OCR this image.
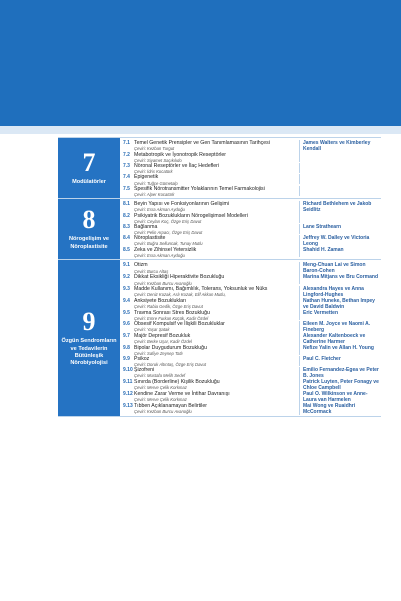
7
Modülatörler
7.1 Temel Genetik Prensipler ve Gen Tanımlamasının Tarihçesi
Çeviri: Kezban Turgut
James Walters ve Kimberley Kendall
7.2 Metabotropik ve İyonotropik Reseptörler
Çeviri: Siyamet Saçıkılıdo
7.3 Nöronal Reseptörler ve İlaç Hedefleri
Çeviri: İdris Kocatürk
7.4 Epigenetik
Çeviri: Tuğçe Gümetalp
7.5 Spesifik Nörotransmitter Yolaklarının Temel Farmakolojisi
Çeviri: Alper Kocatürk
8
Nörogelişim ve Nöroplastisite
8.1 Beyin Yapısı ve Fonksiyonlarının Gelişimi
Çeviri: Esra Akman Aydoğu
Richard Bethlehem ve Jakob Seidlitz
8.2 Psikiyatrik Bozuklukların Nörogelişimsel Modelleri
Çeviri: Ceylan Koç, Özge Eriş Davut
8.3 Bağlanma
Çeviri: Pelin Arpacı, Özge Eriş Davut
Lane Strathearn
8.4 Nöroplastisite
Çeviri: Buğra Selluncak, Tunay Mutlu
Jeffrey W. Dalley ve Victoria Leong
8.5 Zeka ve Zihinsel Yetersizlik
Çeviri: Esra Akman Aydoğu
Shahid H. Zaman
9
Özgün Sendromların ve Tedavilerin Bütünleşik Nörobiyolojisi
9.1 Otizm
Çeviri: Burcu Altaş
Meng-Chuan Lai ve Simon Baron-Cohen
9.2 Dikkat Eksikliği Hiperaktivite Bozukluğu
Çeviri: Kezban Burcu Avanoğlu
Marina Mitjans ve Bru Cormand
9.3 Madde Kullanımı, Bağımlılık, Tolerans, Yoksunluk ve Nüks
Çeviri: Deniz Kozak, Aslı Kozak, Elif Akkan Mutlu,
Alexandra Hayes ve Anna Lingford-Hughes
9.4 Anksiyete Bozuklukları
Çeviri: Rabia Gedik, Özge Eriş Davut
Nathan Huneke, Bethan Impey ve David Baldwin
9.5 Travma Sonrası Stres Bozukluğu
Çeviri: Emre Furkan Küçük, Kadir Özdel
Eric Vermetten
9.6 Obsesif Kompulsif ve İlişkili Bozukluklar
Çeviri: Yaşar Şatak
Eileen M. Joyce ve Naomi A. Fineberg
9.7 Majör Depresif Bozukluk
Çeviri: Berke Uşar, Kadir Özdel
Alexander Kaltenboeck ve Catherine Harmer
9.8 Bipolar Duygudurum Bozukluğu
Çeviri: Safiye Zeynep Tatlı
Nefize Yalin ve Allan H. Young
9.9 Psikoz
Çeviri: Doruk Altıntaş, Özge Eriş Davut
Paul C. Fletcher
9.10 Şizofreni
Çeviri: Mustafa Melih Sedef
Emilio Fernandez-Egea ve Peter B. Jones
9.11 Sınırda (Borderline) Kişilik Bozukluğu
Çeviri: Merve Çelik Korkmaz
Patrick Luyten, Peter Fonagy ve Chloe Campbell
9.12 Kendine Zarar Verme ve İntihar Davranışı
Çeviri: Merve Çelik Korkmaz
Paul O. Wilkinson ve Anne-Laura van Harmelen
9.13 Tıbben Açıklanamayan Belirtiler
Çeviri: Kezban Burcu Avanoğlu
Mai Wong ve Ruaidhri McCormack
